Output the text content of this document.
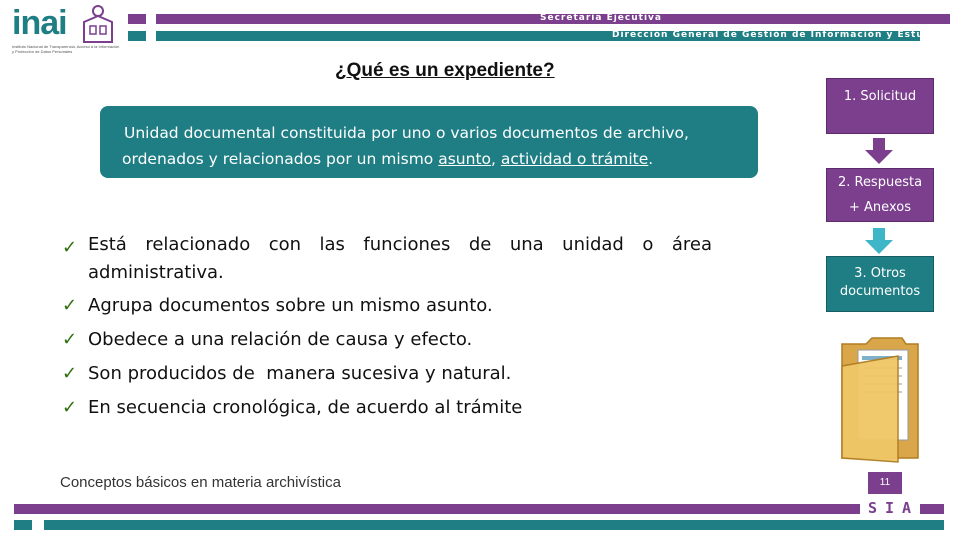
inai
Instituto Nacional de Transparencia, Acceso a la Información y Protección de Datos Personales
Secretaría Ejecutiva
Dirección General de Gestión de Información y Estudios
¿Qué es un expediente?
Unidad documental constituida por uno o varios documentos de archivo,
ordenados y relacionados por un mismo asunto, actividad o trámite.
✓ Está relacionado con las funciones de una unidad o área administrativa.
✓ Agrupa documentos sobre un mismo asunto.
✓ Obedece a una relación de causa y efecto.
✓ Son producidos de  manera sucesiva y natural.
✓ En secuencia cronológica, de acuerdo al trámite
Conceptos básicos en materia archivística
1. Solicitud
2. Respuesta
+ Anexos
3. Otros
documentos
11
SIA
